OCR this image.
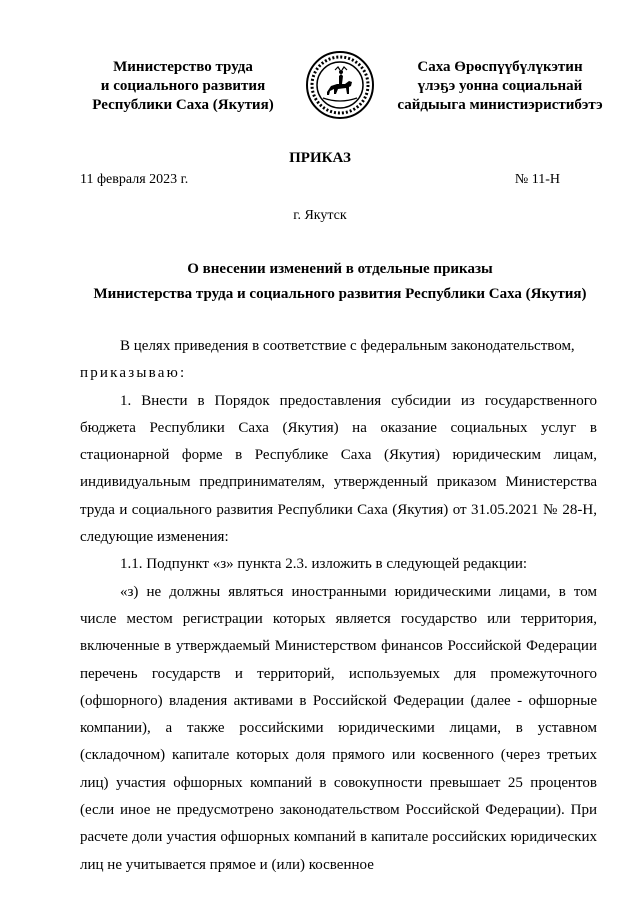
Министерство труда
и социального развития
Республики Саха (Якутия)
Саха Өрөспүүбүлүкэтин
үлэҕэ уонна социальнай
сайдыыга министиэристибэтэ
ПРИКАЗ
11 февраля 2023 г.	№ 11-Н
г. Якутск
О внесении изменений в отдельные приказы
Министерства труда и социального развития Республики Саха (Якутия)

В целях приведения в соответствие с федеральным законодательством,

приказываю:

1. Внести в Порядок предоставления субсидии из государственного бюджета Республики Саха (Якутия) на оказание социальных услуг в стационарной форме в Республике Саха (Якутия) юридическим лицам, индивидуальным предпринимателям, утвержденный приказом Министерства труда и социального развития Республики Саха (Якутия) от 31.05.2021 № 28-Н, следующие изменения:

1.1. Подпункт «з» пункта 2.3. изложить в следующей редакции:

«з) не должны являться иностранными юридическими лицами, в том числе местом регистрации которых является государство или территория, включенные в утверждаемый Министерством финансов Российской Федерации перечень государств и территорий, используемых для промежуточного (офшорного) владения активами в Российской Федерации (далее - офшорные компании), а также российскими юридическими лицами, в уставном (складочном) капитале которых доля прямого или косвенного (через третьих лиц) участия офшорных компаний в совокупности превышает 25 процентов (если иное не предусмотрено законодательством Российской Федерации). При расчете доли участия офшорных компаний в капитале российских юридических лиц не учитывается прямое и (или) косвенное
